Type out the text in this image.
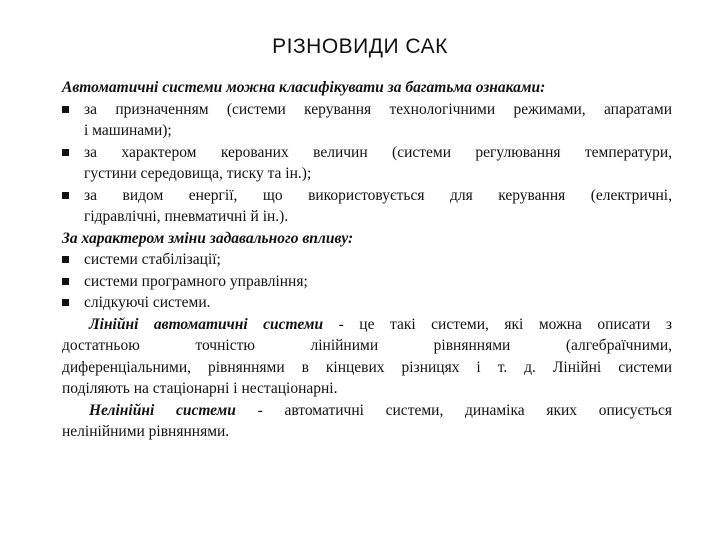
РІЗНОВИДИ САК
Автоматичні системи можна класифікувати за багатьма ознаками:
за призначенням (системи керування технологічними режимами, апаратами
і машинами);
за характером керованих величин (системи регулювання температури,
густини середовища, тиску та ін.);
за видом енергії, що використовується для керування (електричні,
гідравлічні, пневматичні й ін.).
За характером зміни задавального впливу:
системи стабілізації;
системи програмного управління;
слідкуючі системи.
Лінійні автоматичні системи - це такі системи, які можна описати з
достатньою точністю лінійними рівняннями (алгебраїчними,
диференціальними, рівняннями в кінцевих різницях і т. д. Лінійні системи
поділяють на стаціонарні і нестаціонарні.
Нелінійні системи - автоматичні системи, динаміка яких описується
нелінійними рівняннями.
